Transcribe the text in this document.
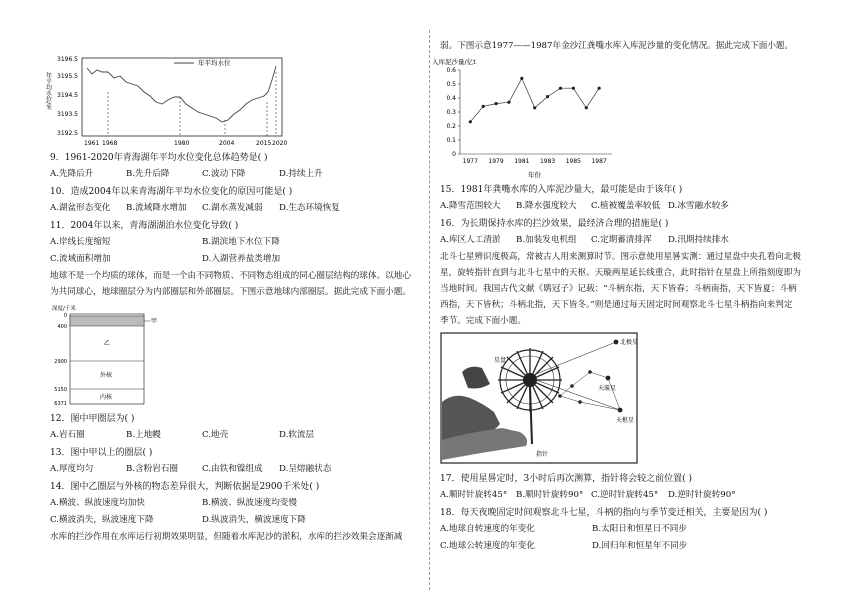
3196.5
3195.5
3194.5
3193.5
3192.5
年平均水位/米
年平均水位
1961 1968	1980	2004	2015 2020
9．1961-2020年青海湖年平均水位变化总体趋势是( )
A.先降后升	B.先升后降	C.波动下降	D.持续上升
10．造成2004年以来青海湖年平均水位变化的原因可能是( )
A.湖盆形态变化 B.流域降水增加 C.湖水蒸发减弱 D.生态环境恢复
11．2004年以来，青海湖湖泊水位变化导致( )
A.岸线长度缩短	B.湖滨地下水位下降
C.流域面积增加	D.入湖营养盐类增加
地球不是一个均质的球体，而是一个由不同物质、不同物态组成的同心圈层结构的球体。以地心
为共同球心，地球圈层分为内部圈层和外部圈层。下图示意地球内部圈层。据此完成下面小题。
深度/千米
甲
乙
外核
内核
0
400
2900
5150
6371
12．图中甲圈层为( )
A.岩石圈	B.上地幔	C.地壳	D.软流层
13．图中甲以上的圈层( )
A.厚度均匀	B.含粉岩石圈	C.由铁和镍组成 D.呈熔融状态
14．图中乙圈层与外核的物态差异很大，判断依据是2900千米处( )
A.横波、纵波速度均加快	B.横波、纵波速度均变慢
C.横波消失，纵波速度下降	D.纵波消失，横波速度下降
水库的拦沙作用在水库运行初期效果明显，但随着水库泥沙的淤积，水库的拦沙效果会逐渐减
弱。下图示意1977——1987年金沙江龚嘴水库入库泥沙量的变化情况。据此完成下面小题。
入库泥沙量/亿t
0.6
0.5
0.4
0.3
0.2
0.1
0
1977 1979 1981 1983 1985 1987
年份
15．1981年龚嘴水库的入库泥沙量大，最可能是由于该年( )
A.降雪范围较大 B.降水强度较大 C.植被覆盖率较低 D.冰雪融水较多
16．为长期保持水库的拦沙效果，最经济合理的措施是( )
A.库区人工清淤 B.加装发电机组 C.定期蓄清排浑 D.汛期持续排水
北斗七星辨识度极高，常被古人用来测算时节。图示意使用星晷实测：通过星盘中央孔看向北极
星，旋转指针直到与北斗七星中的天枢、天璇两星延长线重合，此时指针在星盘上所指刻度即为
当地时间。我国古代文献《鹖冠子》记载：“斗柄东指，天下皆春；斗柄南指，天下皆夏；斗柄
西指，天下皆秋；斗柄北指，天下皆冬。”则是通过每天固定时间观察北斗七星斗柄指向来判定
季节。完成下面小题。
北极星
天璇星
天枢星
星盘
指针
17．使用星晷定时，3小时后再次测算，指针将会较之前位置( )
A.顺时针旋转45° B.顺时针旋转90° C.逆时针旋转45° D.逆时针旋转90°
18．每天夜晚固定时间观察北斗七星，斗柄的指向与季节变迁相关，主要是因为( )
A.地球自转速度的年变化	B.太阳日和恒星日不同步
C.地球公转速度的年变化	D.回归年和恒星年不同步
